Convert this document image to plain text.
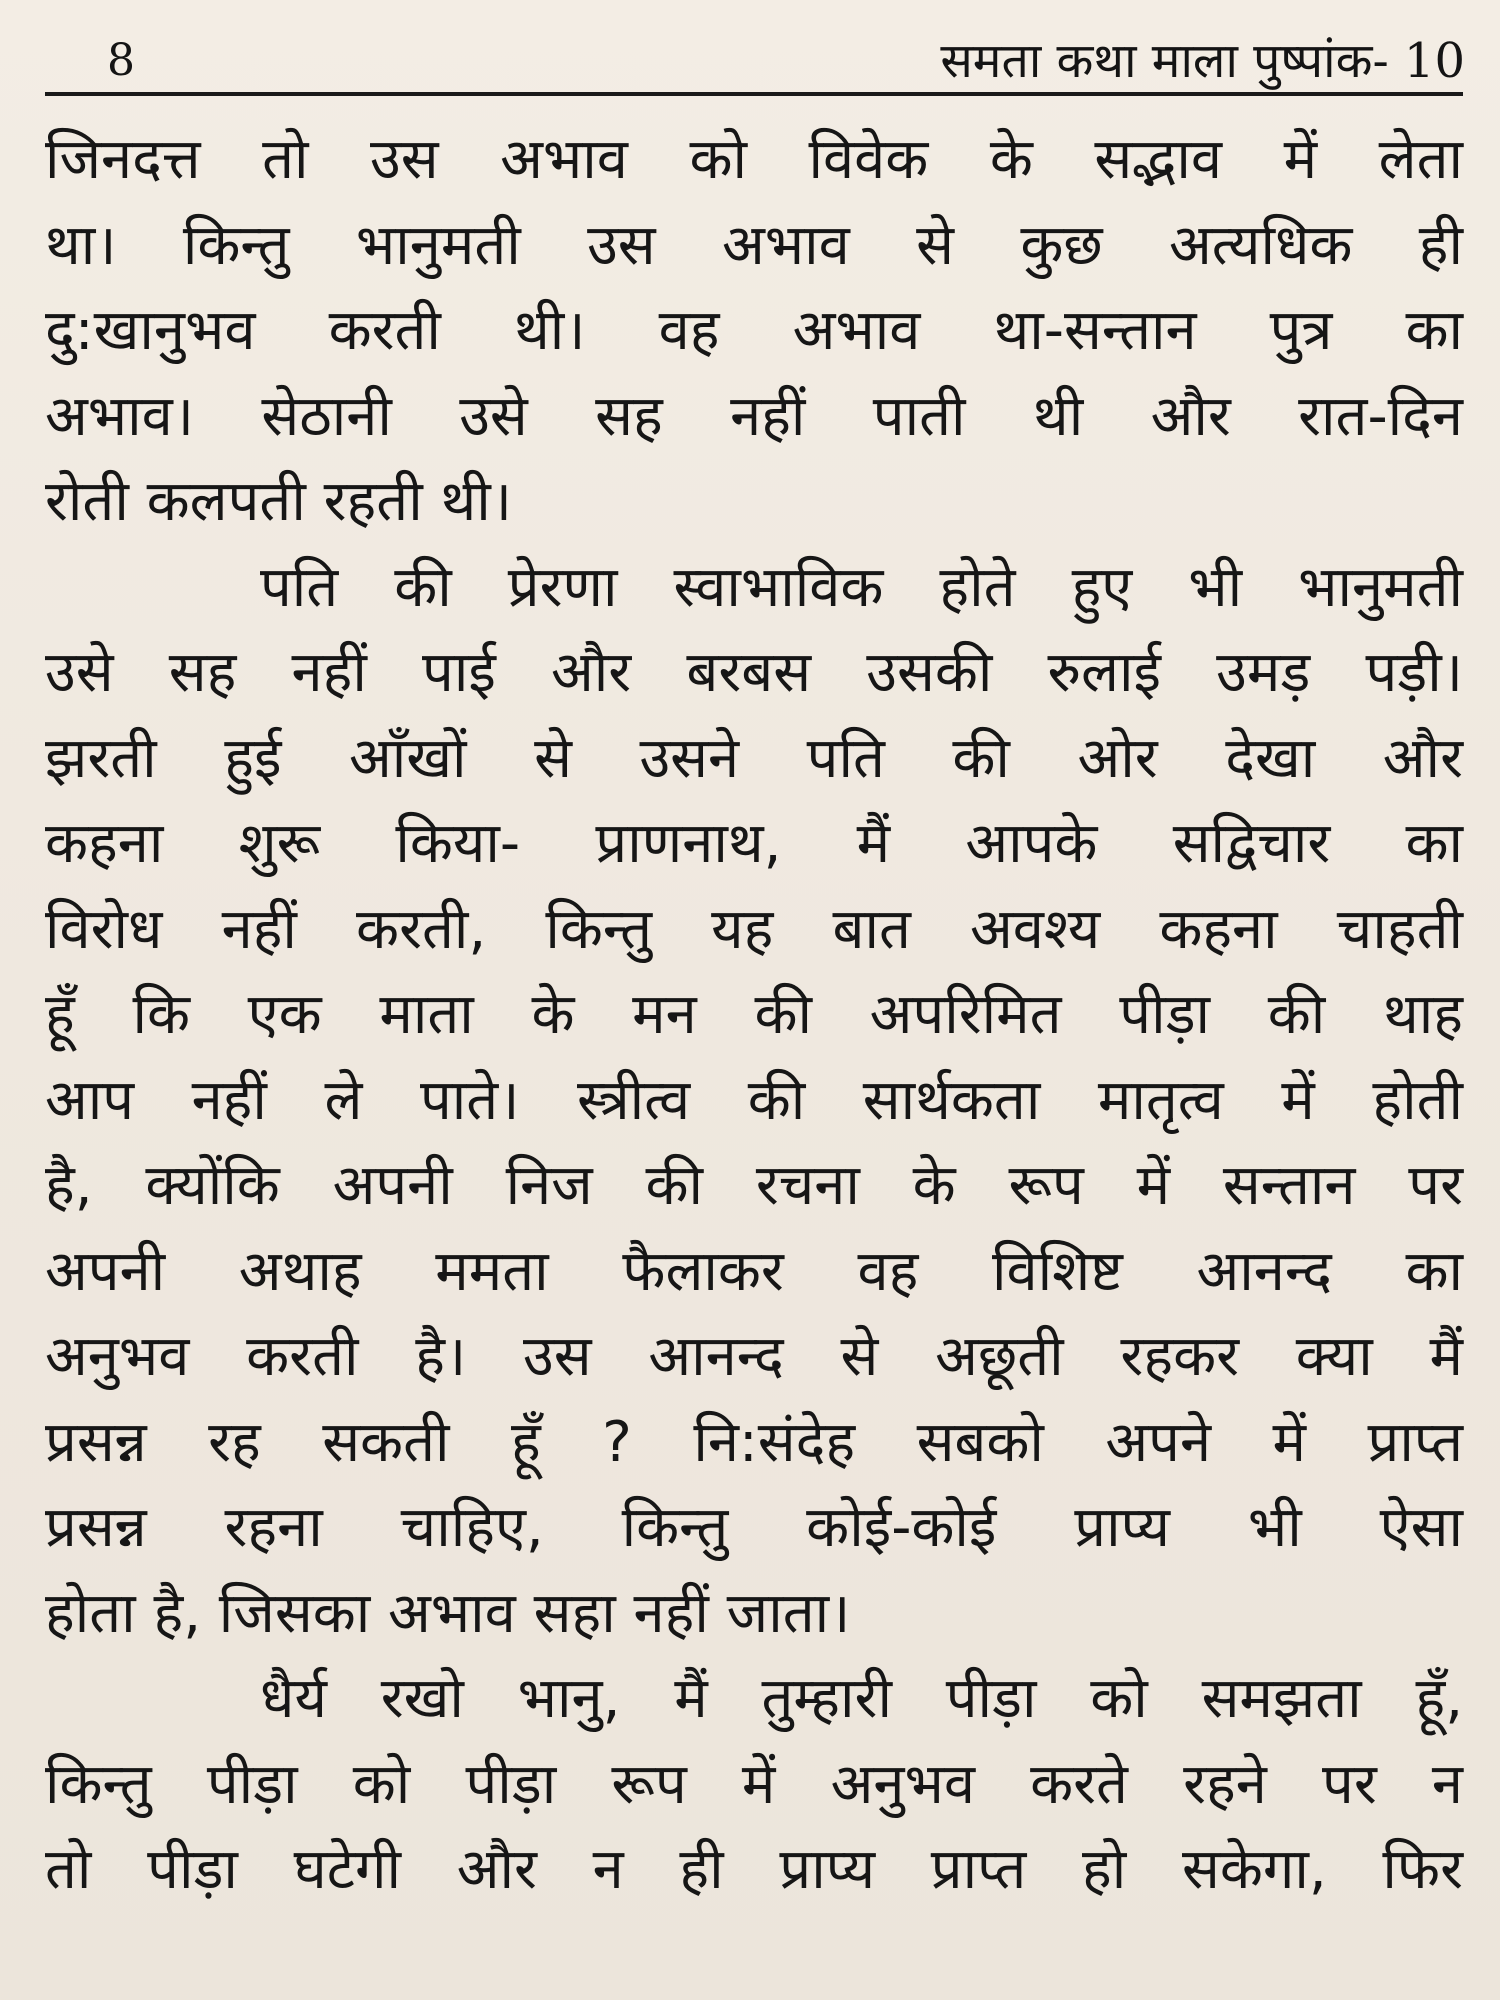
8	समता कथा माला पुष्पांक- 10
जिनदत्त तो उस अभाव को विवेक के सद्भाव में लेता
था। किन्तु भानुमती उस अभाव से कुछ अत्यधिक ही
दु:खानुभव करती थी। वह अभाव था-सन्तान पुत्र का
अभाव। सेठानी उसे सह नहीं पाती थी और रात-दिन
रोती कलपती रहती थी।
पति की प्रेरणा स्वाभाविक होते हुए भी भानुमती
उसे सह नहीं पाई और बरबस उसकी रुलाई उमड़ पड़ी।
झरती हुई आँखों से उसने पति की ओर देखा और
कहना शुरू किया- प्राणनाथ, मैं आपके सद्विचार का
विरोध नहीं करती, किन्तु यह बात अवश्य कहना चाहती
हूँ कि एक माता के मन की अपरिमित पीड़ा की थाह
आप नहीं ले पाते। स्त्रीत्व की सार्थकता मातृत्व में होती
है, क्योंकि अपनी निज की रचना के रूप में सन्तान पर
अपनी अथाह ममता फैलाकर वह विशिष्ट आनन्द का
अनुभव करती है। उस आनन्द से अछूती रहकर क्या मैं
प्रसन्न रह सकती हूँ ? नि:संदेह सबको अपने में प्राप्त
प्रसन्न रहना चाहिए, किन्तु कोई-कोई प्राप्य भी ऐसा
होता है, जिसका अभाव सहा नहीं जाता।
धैर्य रखो भानु, मैं तुम्हारी पीड़ा को समझता हूँ,
किन्तु पीड़ा को पीड़ा रूप में अनुभव करते रहने पर न
तो पीड़ा घटेगी और न ही प्राप्य प्राप्त हो सकेगा, फिर
